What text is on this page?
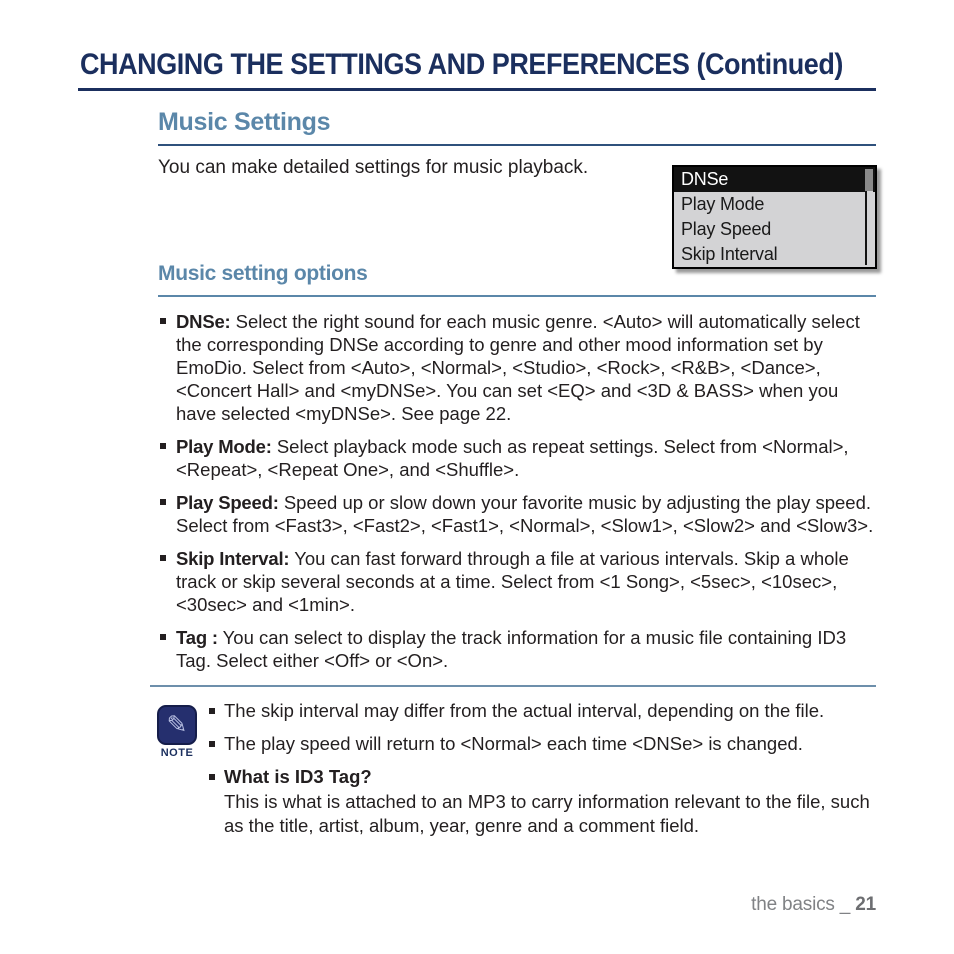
CHANGING THE SETTINGS AND PREFERENCES (Continued)
Music Settings

You can make detailed settings for music playback.

DNSe
Play Mode
Play Speed
Skip Interval
Music setting options
DNSe: Select the right sound for each music genre. <Auto> will automatically select the corresponding DNSe according to genre and other mood information set by EmoDio. Select from <Auto>, <Normal>, <Studio>, <Rock>, <R&B>, <Dance>, <Concert Hall> and <myDNSe>. You can set <EQ> and <3D & BASS> when you have selected <myDNSe>. See page 22.
Play Mode: Select playback mode such as repeat settings. Select from <Normal>, <Repeat>, <Repeat One>, and <Shuffle>.
Play Speed: Speed up or slow down your favorite music by adjusting the play speed. Select from <Fast3>, <Fast2>, <Fast1>, <Normal>, <Slow1>, <Slow2> and <Slow3>.
Skip Interval: You can fast forward through a file at various intervals. Skip a whole track or skip several seconds at a time. Select from <1 Song>, <5sec>, <10sec>, <30sec> and <1min>.
Tag : You can select to display the track information for a music file containing ID3 Tag. Select either <Off> or <On>.
✎
NOTE
The skip interval may differ from the actual interval, depending on the file.
The play speed will return to <Normal> each time <DNSe> is changed.
What is ID3 Tag?
This is what is attached to an MP3 to carry information relevant to the file, such as the title, artist, album, year, genre and a comment field.
the basics _ 21
